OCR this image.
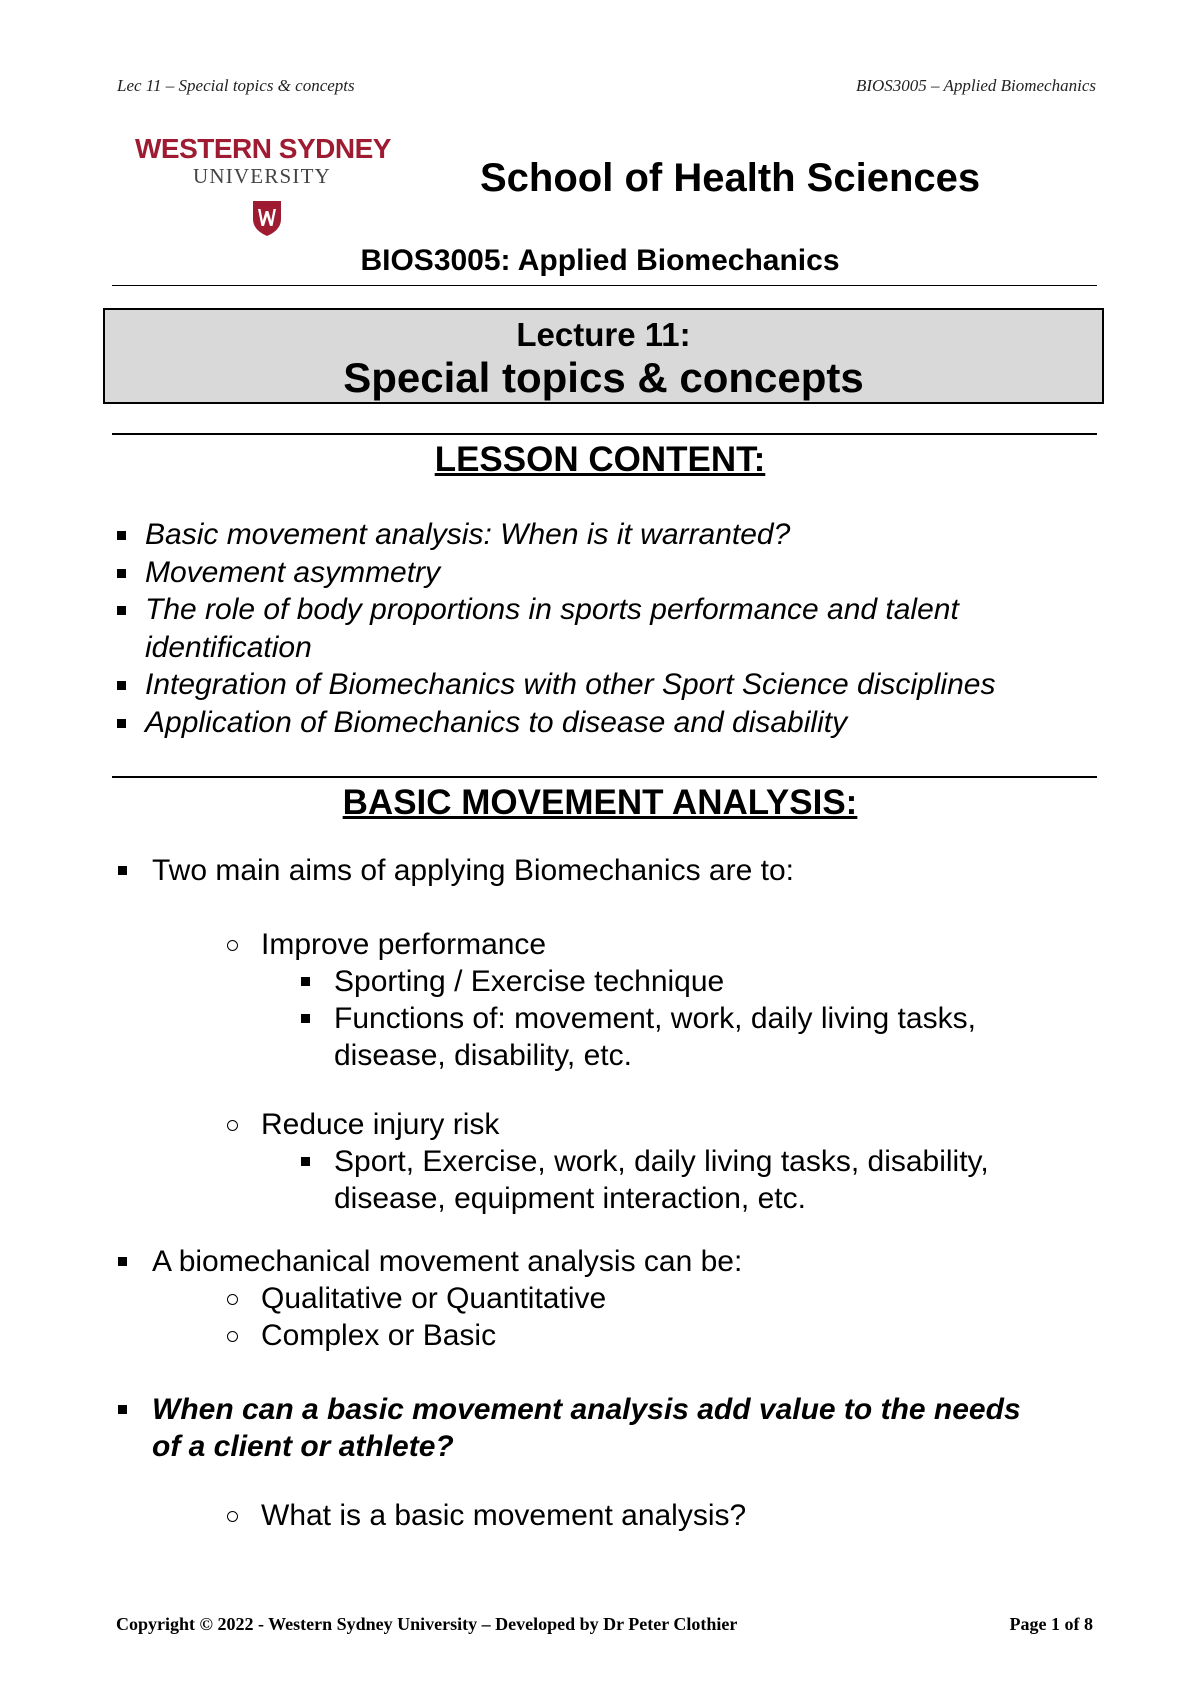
Lec 11 – Special topics & concepts	BIOS3005 – Applied Biomechanics
WESTERN SYDNEY
UNIVERSITY	School of Health Sciences
BIOS3005: Applied Biomechanics
Lecture 11:
Special topics & concepts
LESSON CONTENT:
Basic movement analysis: When is it warranted?
Movement asymmetry
The role of body proportions in sports performance and talent identification
Integration of Biomechanics with other Sport Science disciplines
Application of Biomechanics to disease and disability
BASIC MOVEMENT ANALYSIS:
Two main aims of applying Biomechanics are to:
Improve performance
Sporting / Exercise technique
Functions of: movement, work, daily living tasks,
disease, disability, etc.
Reduce injury risk
Sport, Exercise, work, daily living tasks, disability,
disease, equipment interaction, etc.
A biomechanical movement analysis can be:
Qualitative or Quantitative
Complex or Basic
When can a basic movement analysis add value to the needs
of a client or athlete?
What is a basic movement analysis?
Copyright © 2022 - Western Sydney University – Developed by Dr Peter Clothier	Page 1 of 8
